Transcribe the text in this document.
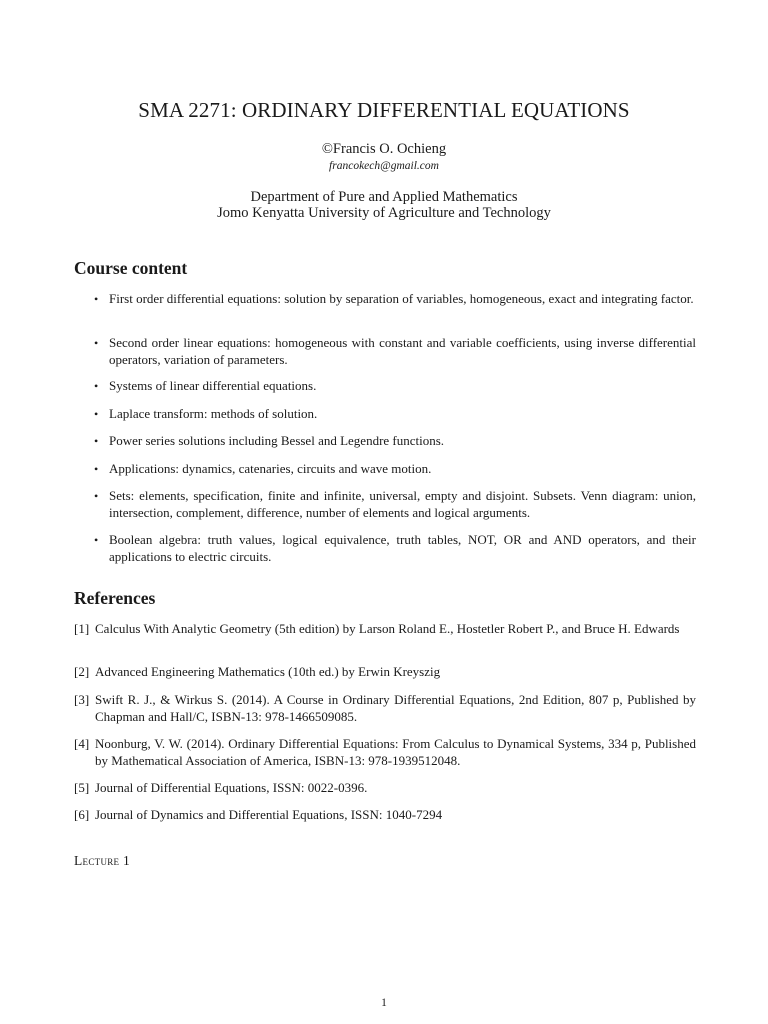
SMA 2271: ORDINARY DIFFERENTIAL EQUATIONS
©Francis O. Ochieng
francokech@gmail.com
Department of Pure and Applied Mathematics
Jomo Kenyatta University of Agriculture and Technology
Course content
• First order differential equations: solution by separation of variables, homogeneous, exact and integrating factor.
• Second order linear equations: homogeneous with constant and variable coefficients, using inverse differential operators, variation of parameters.
• Systems of linear differential equations.
• Laplace transform: methods of solution.
• Power series solutions including Bessel and Legendre functions.
• Applications: dynamics, catenaries, circuits and wave motion.
• Sets: elements, specification, finite and infinite, universal, empty and disjoint. Subsets. Venn diagram: union, intersection, complement, difference, number of elements and logical arguments.
• Boolean algebra: truth values, logical equivalence, truth tables, NOT, OR and AND operators, and their applications to electric circuits.
References
[1] Calculus With Analytic Geometry (5th edition) by Larson Roland E., Hostetler Robert P., and Bruce H. Edwards
[2] Advanced Engineering Mathematics (10th ed.) by Erwin Kreyszig
[3] Swift R. J., & Wirkus S. (2014). A Course in Ordinary Differential Equations, 2nd Edition, 807 p, Published by Chapman and Hall/C, ISBN-13: 978-1466509085.
[4] Noonburg, V. W. (2014). Ordinary Differential Equations: From Calculus to Dynamical Systems, 334 p, Published by Mathematical Association of America, ISBN-13: 978-1939512048.
[5] Journal of Differential Equations, ISSN: 0022-0396.
[6] Journal of Dynamics and Differential Equations, ISSN: 1040-7294
Lecture 1
1
